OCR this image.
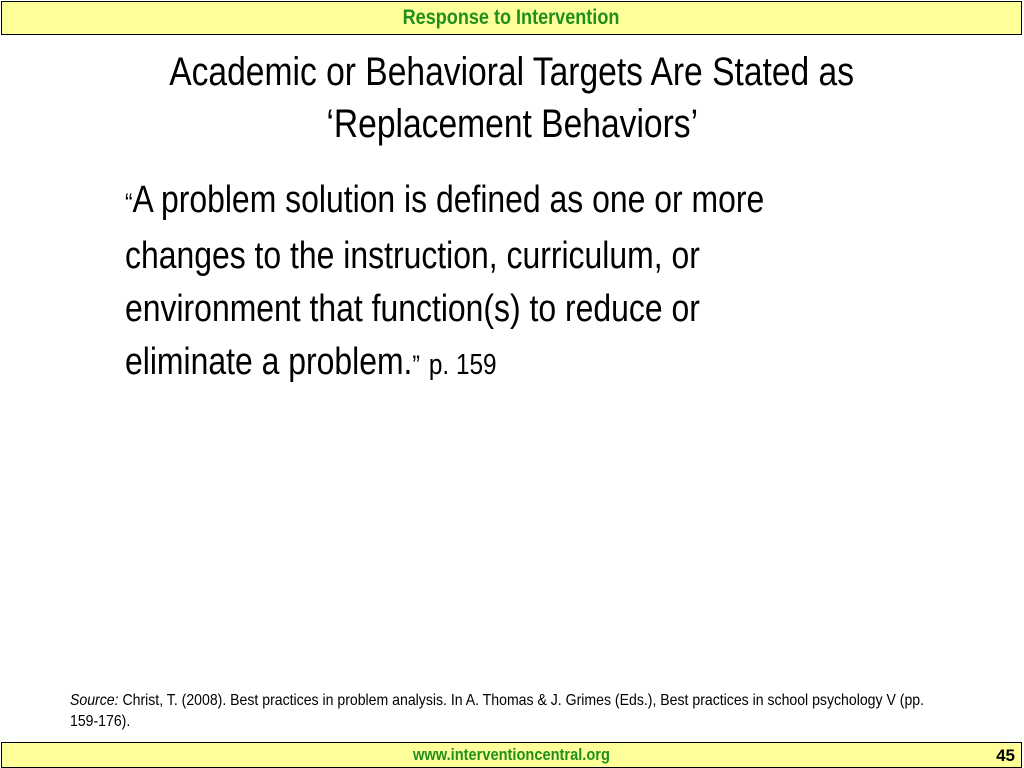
Response to Intervention
Academic or Behavioral Targets Are Stated as
‘Replacement Behaviors’
“A problem solution is defined as one or more
changes to the instruction, curriculum, or
environment that function(s) to reduce or
eliminate a problem.” p. 159
Source: Christ, T. (2008). Best practices in problem analysis. In A. Thomas & J. Grimes (Eds.), Best practices in school psychology V (pp. 159-176).
www.interventioncentral.org	45
